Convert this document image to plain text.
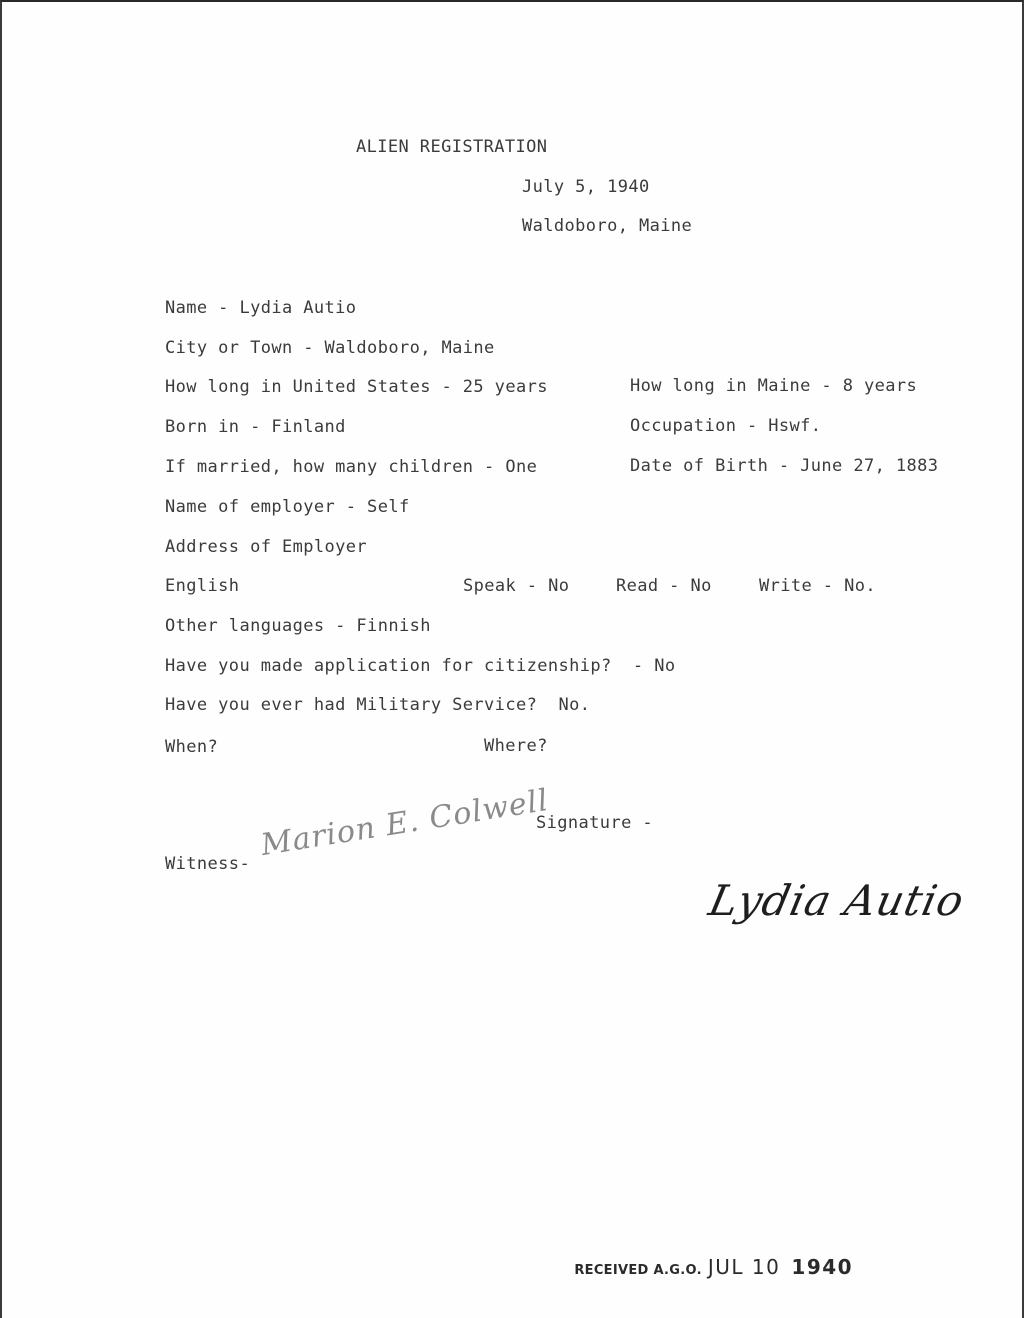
ALIEN REGISTRATION
July 5, 1940
Waldoboro, Maine
Name - Lydia Autio
City or Town - Waldoboro, Maine
How long in United States - 25 years	How long in Maine - 8 years
Born in - Finland	Occupation - Hswf.
If married, how many children - One	Date of Birth - June 27, 1883
Name of employer - Self
Address of Employer
English	Speak - No	Read - No	Write - No.
Other languages - Finnish
Have you made application for citizenship?  - No
Have you ever had Military Service?  No.
When?	Where?
Signature -
Witness-
Marion E. Colwell
Lydia Autio

RECEIVED A.G.O. JUL 10 1940
